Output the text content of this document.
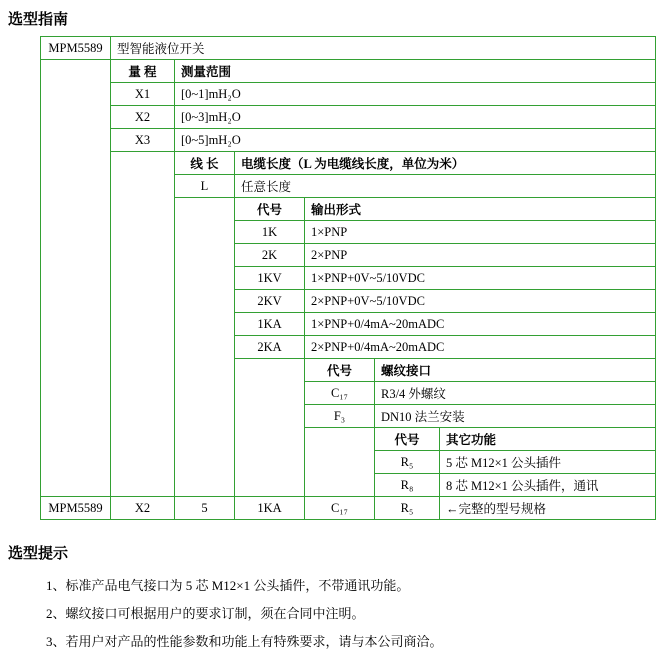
选型指南
MPM5589	型智能液位开关					
	量 程	测量范围				
	X1	[0~1]mH₂O				
	X2	[0~3]mH₂O				
	X3	[0~5]mH₂O				
		线 长	电缆长度（L 为电缆线长度，单位为米）			
		L	任意长度			
			代号	输出形式		
			1K	1×PNP		
			2K	2×PNP		
			1KV	1×PNP+0V~5/10VDC		
			2KV	2×PNP+0V~5/10VDC		
			1KA	1×PNP+0/4mA~20mADC		
			2KA	2×PNP+0/4mA~20mADC		
				代号	螺纹接口	
				C₁₇	R3/4 外螺纹	
				F₃	DN10 法兰安装	
					代号	其它功能
					R₅	5 芯 M12×1 公头插件
					R₈	8 芯 M12×1 公头插件，通讯
MPM5589	X2	5	1KA	C₁₇	R₅	←完整的型号规格
选型提示
1、标准产品电气接口为 5 芯 M12×1 公头插件，不带通讯功能。
2、螺纹接口可根据用户的要求订制，须在合同中注明。
3、若用户对产品的性能参数和功能上有特殊要求，请与本公司商洽。
